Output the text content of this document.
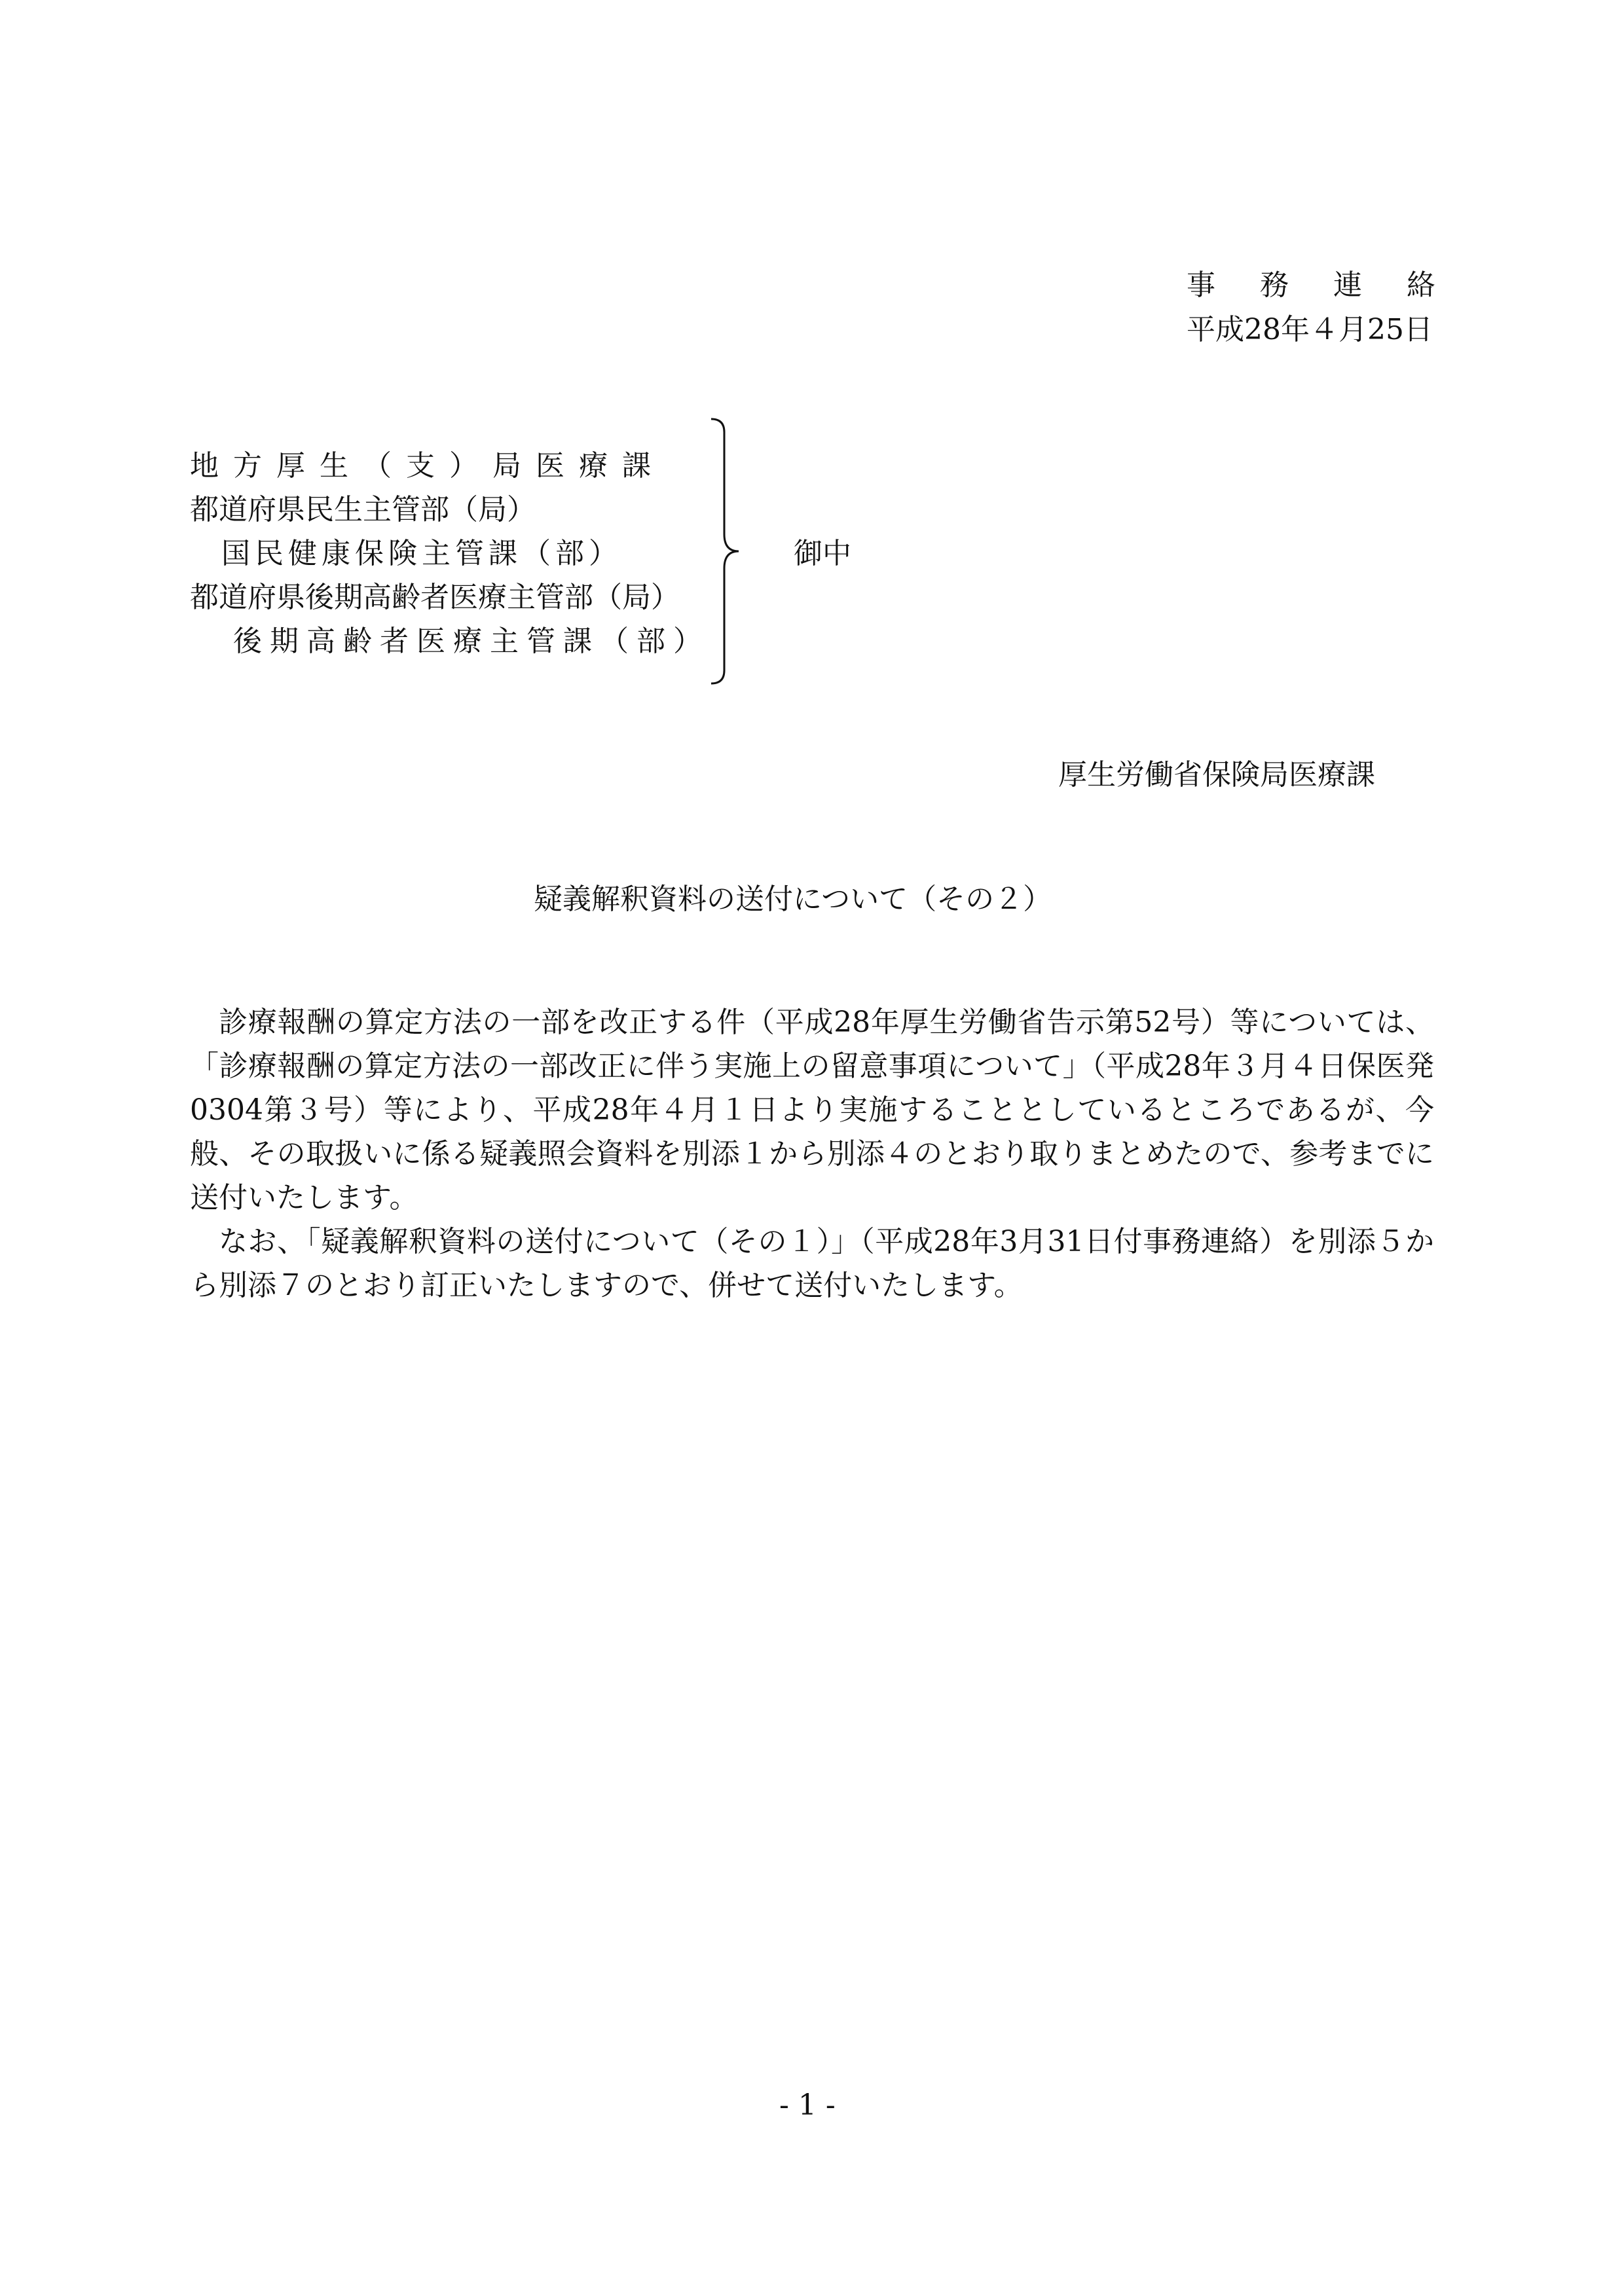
事 務 連 絡
平成28年４月25日
地方厚生（支）局医療課
都道府県民生主管部（局）
国民健康保険主管課（部）
都道府県後期高齢者医療主管部（局）
後期高齢者医療主管課（部）
御中
厚生労働省保険局医療課
疑義解釈資料の送付について（その２）

診療報酬の算定方法の一部を改正する件（平成28年厚生労働省告示第52号）等については、「診療報酬の算定方法の一部改正に伴う実施上の留意事項について」（平成28年３月４日保医発0304第３号）等により、平成28年４月１日より実施することとしているところであるが、今般、その取扱いに係る疑義照会資料を別添１から別添４のとおり取りまとめたので、参考までに送付いたします。

なお、「疑義解釈資料の送付について（その１）」（平成28年3月31日付事務連絡）を別添５から別添７のとおり訂正いたしますので、併せて送付いたします。

- 1 -
